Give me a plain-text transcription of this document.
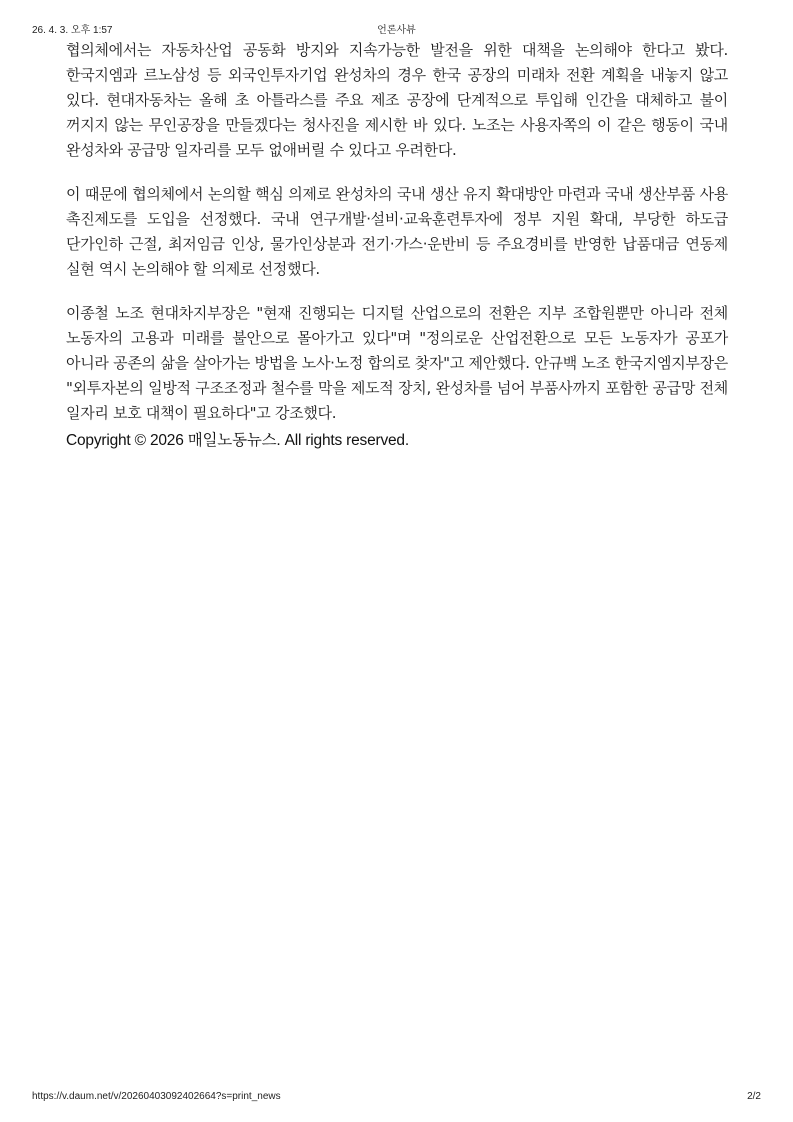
26. 4. 3. 오후 1:57	언론사뷰

협의체에서는 자동차산업 공동화 방지와 지속가능한 발전을 위한 대책을 논의해야 한다고 봤다. 한국지엠과 르노삼성 등 외국인투자기업 완성차의 경우 한국 공장의 미래차 전환 계획을 내놓지 않고 있다. 현대자동차는 올해 초 아틀라스를 주요 제조 공장에 단계적으로 투입해 인간을 대체하고 불이 꺼지지 않는 무인공장을 만들겠다는 청사진을 제시한 바 있다. 노조는 사용자쪽의 이 같은 행동이 국내 완성차와 공급망 일자리를 모두 없애버릴 수 있다고 우려한다.

이 때문에 협의체에서 논의할 핵심 의제로 완성차의 국내 생산 유지 확대방안 마련과 국내 생산부품 사용 촉진제도를 도입을 선정했다. 국내 연구개발·설비·교육훈련투자에 정부 지원 확대, 부당한 하도급 단가인하 근절, 최저임금 인상, 물가인상분과 전기·가스·운반비 등 주요경비를 반영한 납품대금 연동제 실현 역시 논의해야 할 의제로 선정했다.

이종철 노조 현대차지부장은 "현재 진행되는 디지털 산업으로의 전환은 지부 조합원뿐만 아니라 전체 노동자의 고용과 미래를 불안으로 몰아가고 있다"며 "정의로운 산업전환으로 모든 노동자가 공포가 아니라 공존의 삶을 살아가는 방법을 노사·노정 합의로 찾자"고 제안했다. 안규백 노조 한국지엠지부장은 "외투자본의 일방적 구조조정과 철수를 막을 제도적 장치, 완성차를 넘어 부품사까지 포함한 공급망 전체 일자리 보호 대책이 필요하다"고 강조했다.

Copyright © 2026 매일노동뉴스. All rights reserved.
https://v.daum.net/v/20260403092402664?s=print_news	2/2
